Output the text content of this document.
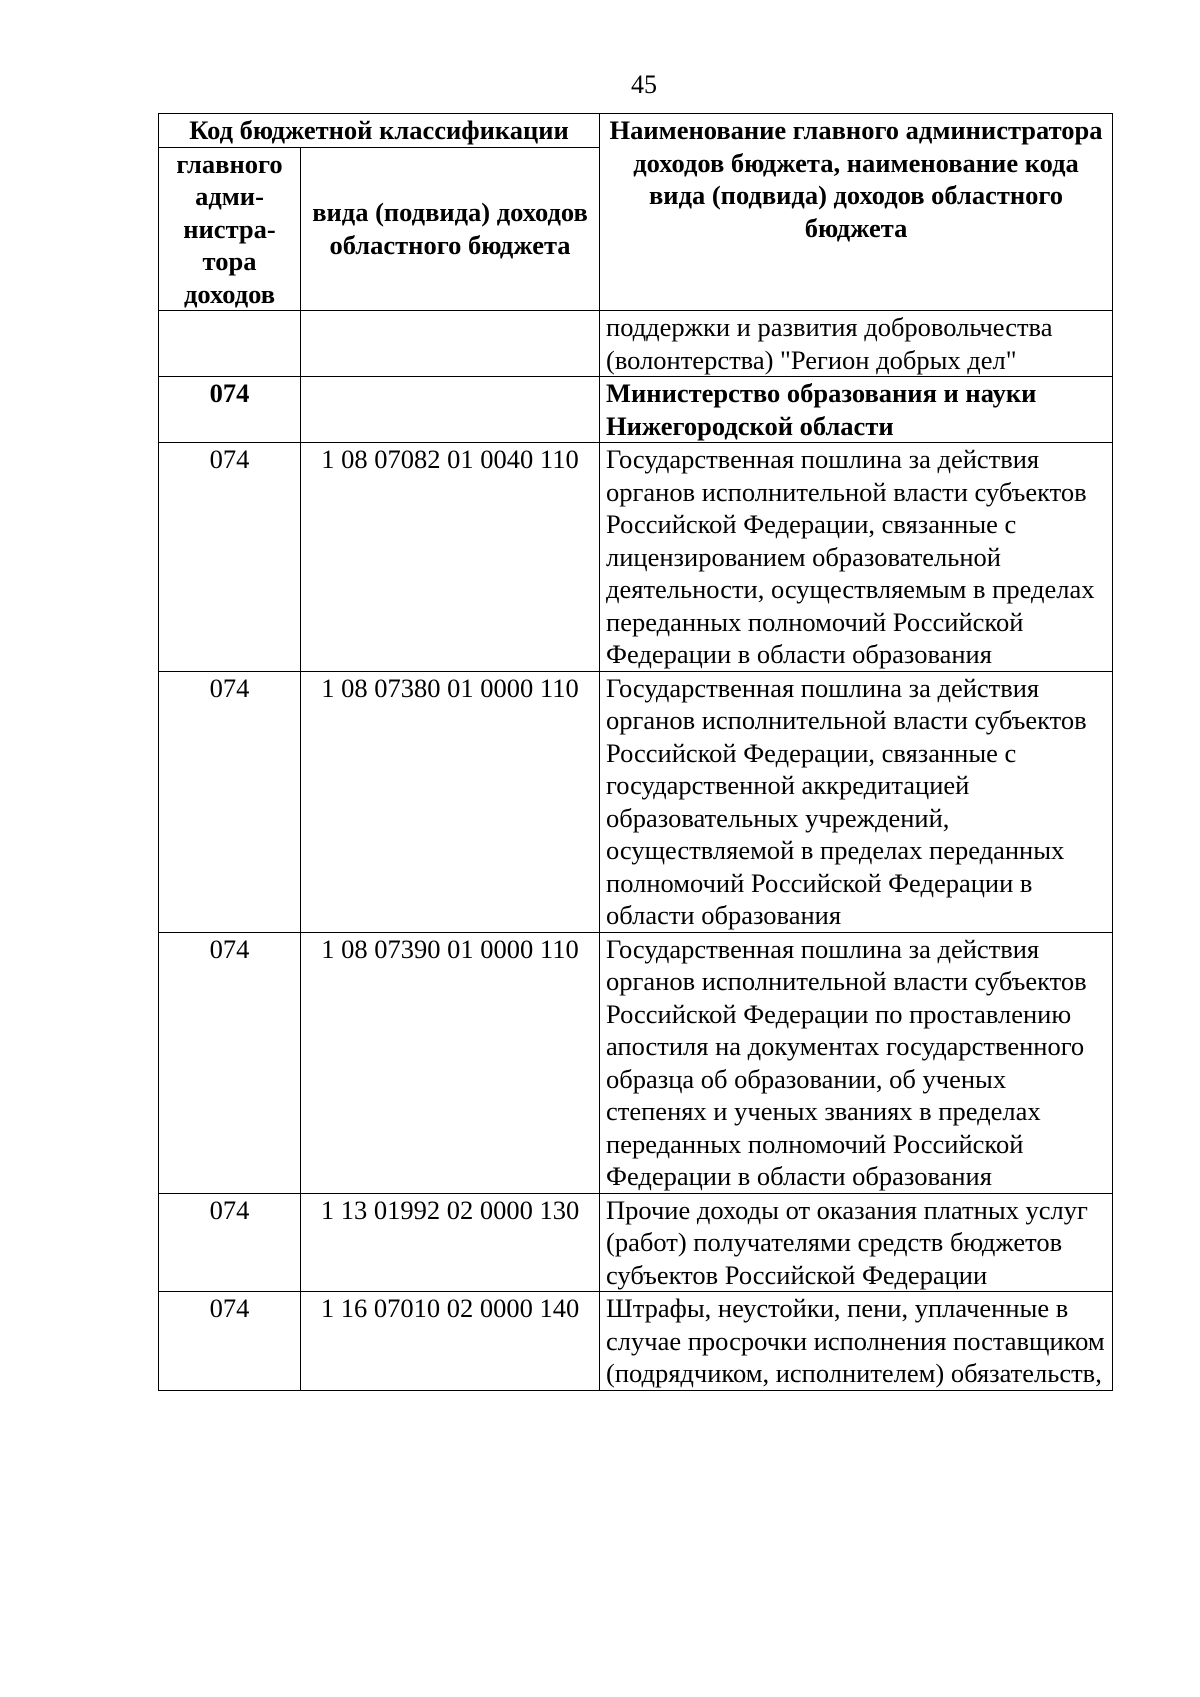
45
Код бюджетной классификации		Наименование главного администратора доходов бюджета, наименование кода вида (подвида) доходов областного бюджета
главного адми-нистра-тора доходов	вида (подвида) доходов областного бюджета	
		поддержки и развития добровольчества (волонтерства) "Регион добрых дел"
074		Министерство образования и науки Нижегородской области
074	1 08 07082 01 0040 110	Государственная пошлина за действия органов исполнительной власти субъектов Российской Федерации, связанные с лицензированием образовательной деятельности, осуществляемым в пределах переданных полномочий Российской Федерации в области образования
074	1 08 07380 01 0000 110	Государственная пошлина за действия органов исполнительной власти субъектов Российской Федерации, связанные с государственной аккредитацией образовательных учреждений, осуществляемой в пределах переданных полномочий Российской Федерации в области образования
074	1 08 07390 01 0000 110	Государственная пошлина за действия органов исполнительной власти субъектов Российской Федерации по проставлению апостиля на документах государственного образца об образовании, об ученых степенях и ученых званиях в пределах переданных полномочий Российской Федерации в области образования
074	1 13 01992 02 0000 130	Прочие доходы от оказания платных услуг (работ) получателями средств бюджетов субъектов Российской Федерации
074	1 16 07010 02 0000 140	Штрафы, неустойки, пени, уплаченные в случае просрочки исполнения поставщиком (подрядчиком, исполнителем) обязательств,
